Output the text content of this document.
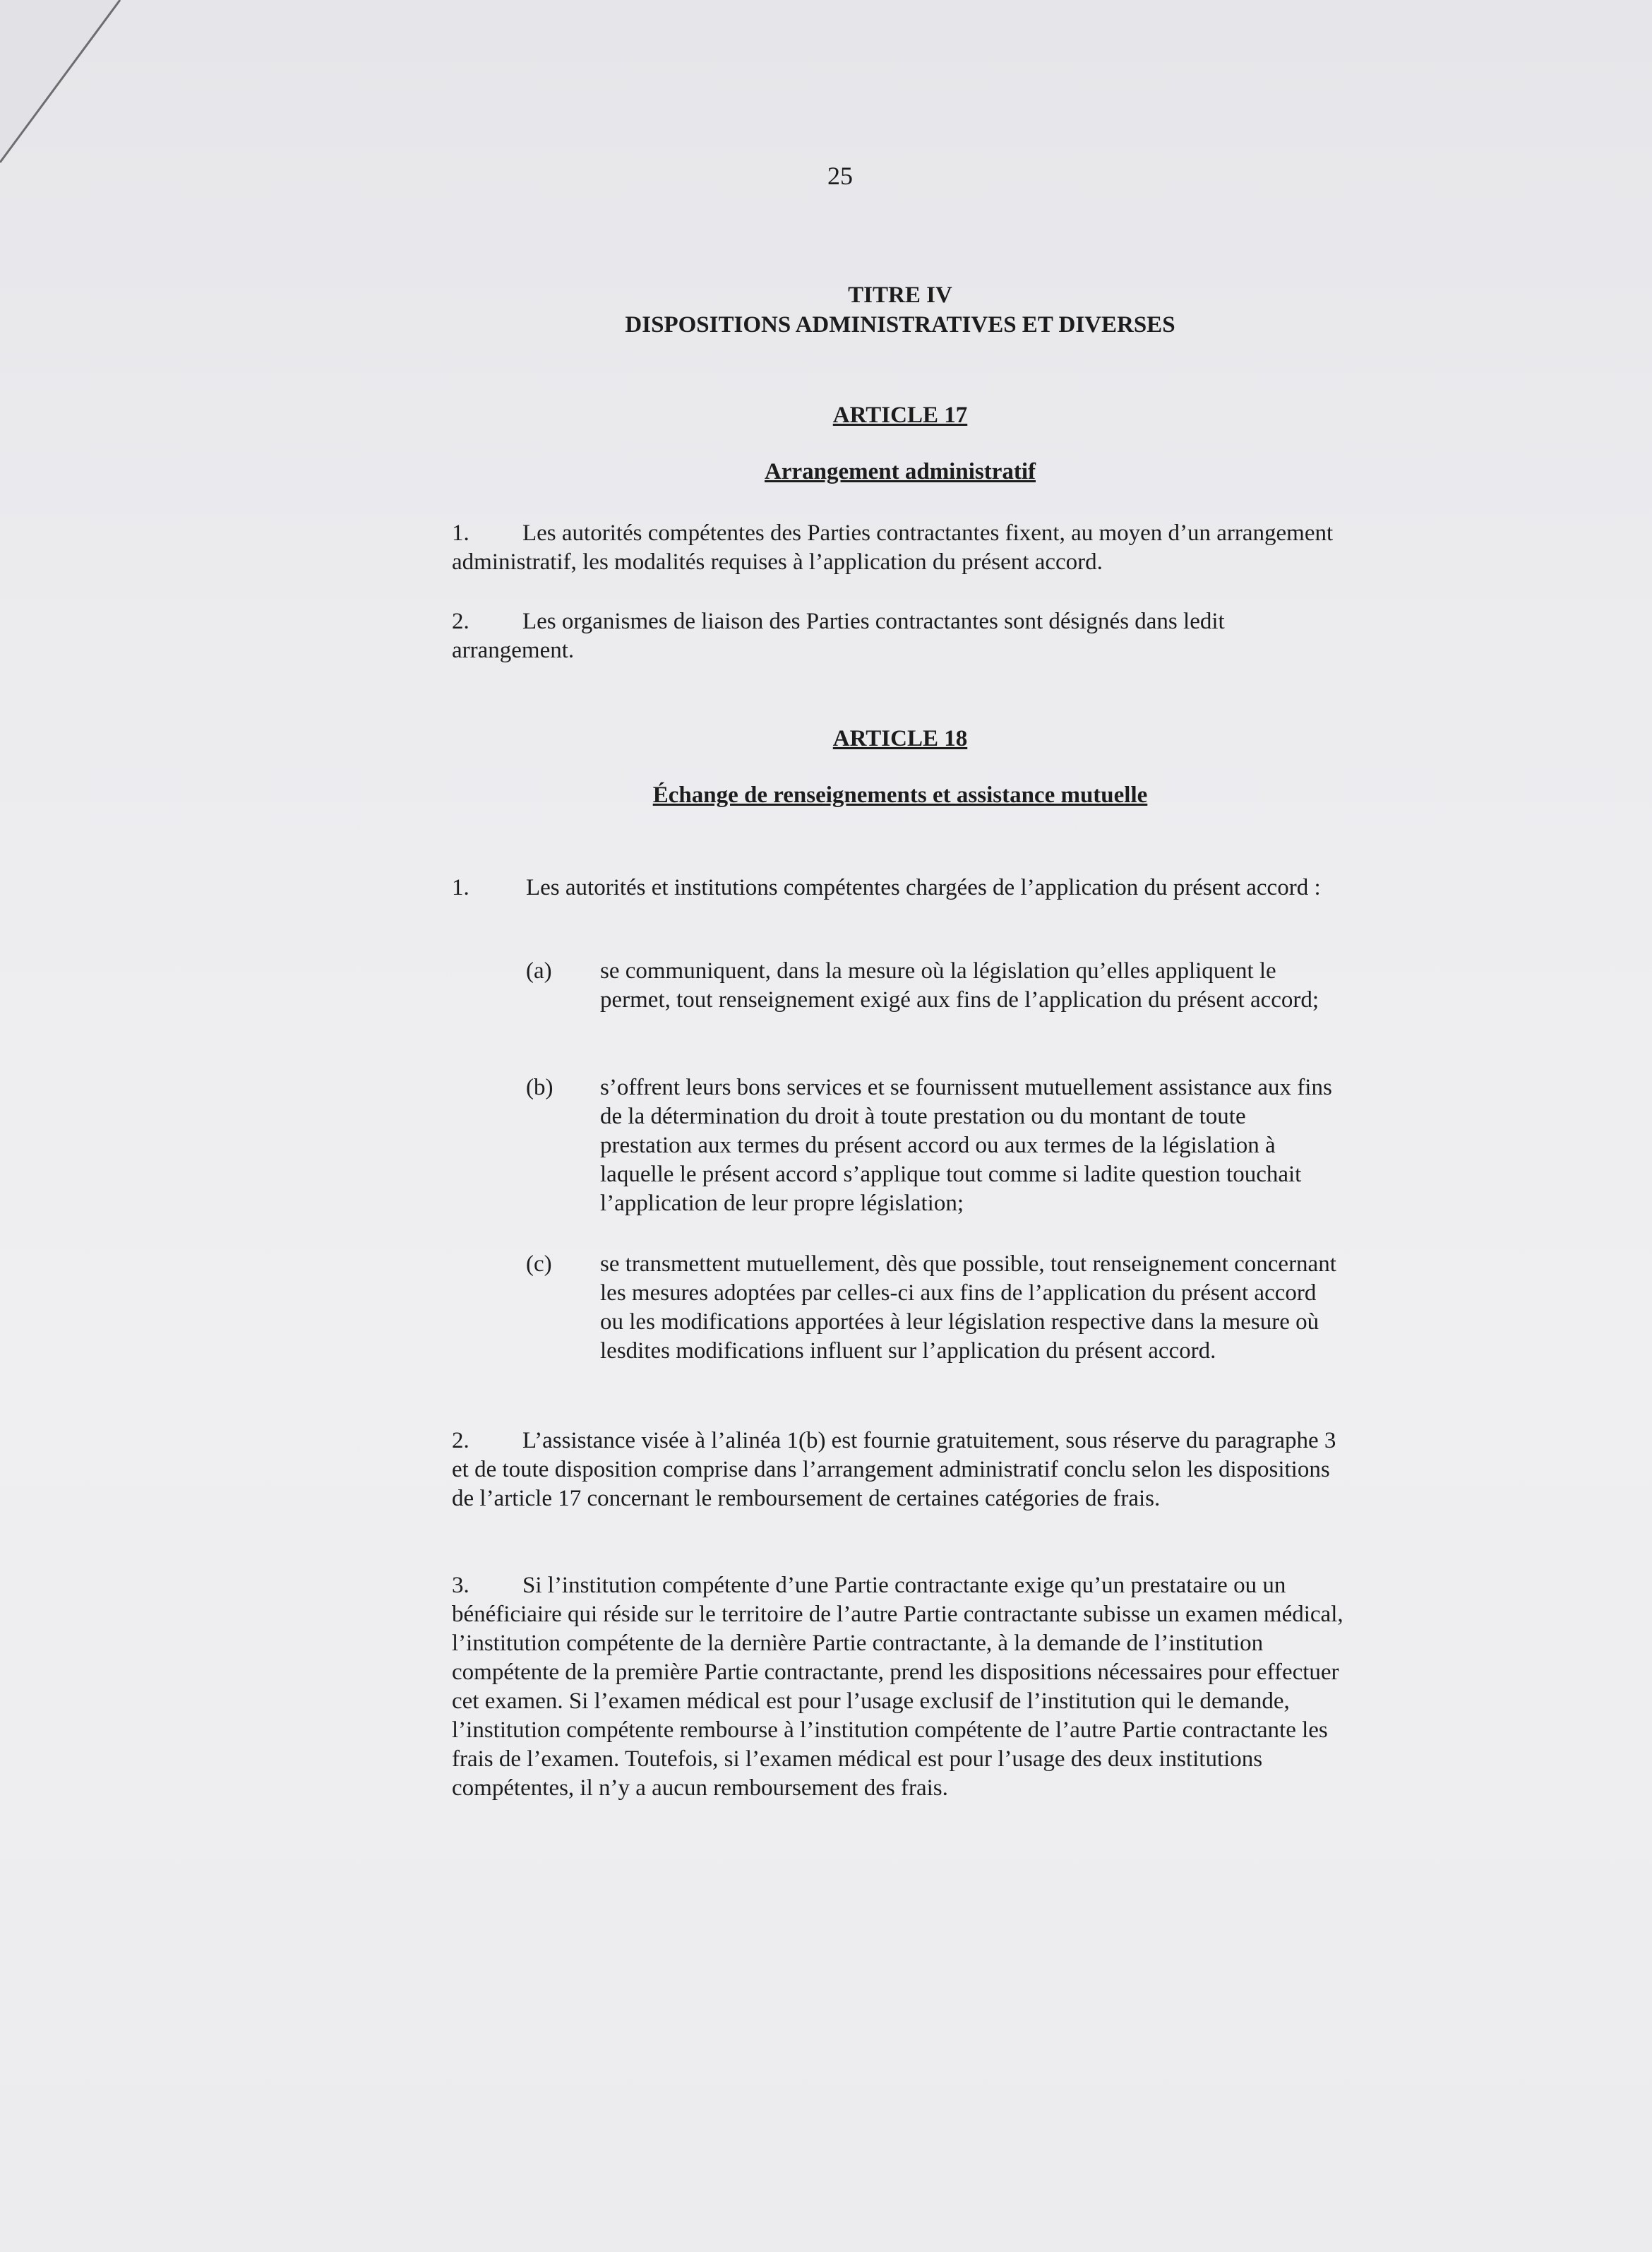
25
TITRE IV
DISPOSITIONS ADMINISTRATIVES ET DIVERSES
ARTICLE 17
Arrangement administratif
1. Les autorités compétentes des Parties contractantes fixent, au moyen d’un arrangement administratif, les modalités requises à l’application du présent accord.
2. Les organismes de liaison des Parties contractantes sont désignés dans ledit arrangement.
ARTICLE 18
Échange de renseignements et assistance mutuelle
1. Les autorités et institutions compétentes chargées de l’application du présent accord :
(a) se communiquent, dans la mesure où la législation qu’elles appliquent le permet, tout renseignement exigé aux fins de l’application du présent accord;
(b) s’offrent leurs bons services et se fournissent mutuellement assistance aux fins de la détermination du droit à toute prestation ou du montant de toute prestation aux termes du présent accord ou aux termes de la législation à laquelle le présent accord s’applique tout comme si ladite question touchait l’application de leur propre législation;
(c) se transmettent mutuellement, dès que possible, tout renseignement concernant les mesures adoptées par celles-ci aux fins de l’application du présent accord ou les modifications apportées à leur législation respective dans la mesure où lesdites modifications influent sur l’application du présent accord.
2. L’assistance visée à l’alinéa 1(b) est fournie gratuitement, sous réserve du paragraphe 3 et de toute disposition comprise dans l’arrangement administratif conclu selon les dispositions de l’article 17 concernant le remboursement de certaines catégories de frais.
3. Si l’institution compétente d’une Partie contractante exige qu’un prestataire ou un bénéficiaire qui réside sur le territoire de l’autre Partie contractante subisse un examen médical, l’institution compétente de la dernière Partie contractante, à la demande de l’institution compétente de la première Partie contractante, prend les dispositions nécessaires pour effectuer cet examen. Si l’examen médical est pour l’usage exclusif de l’institution qui le demande, l’institution compétente rembourse à l’institution compétente de l’autre Partie contractante les frais de l’examen. Toutefois, si l’examen médical est pour l’usage des deux institutions compétentes, il n’y a aucun remboursement des frais.
